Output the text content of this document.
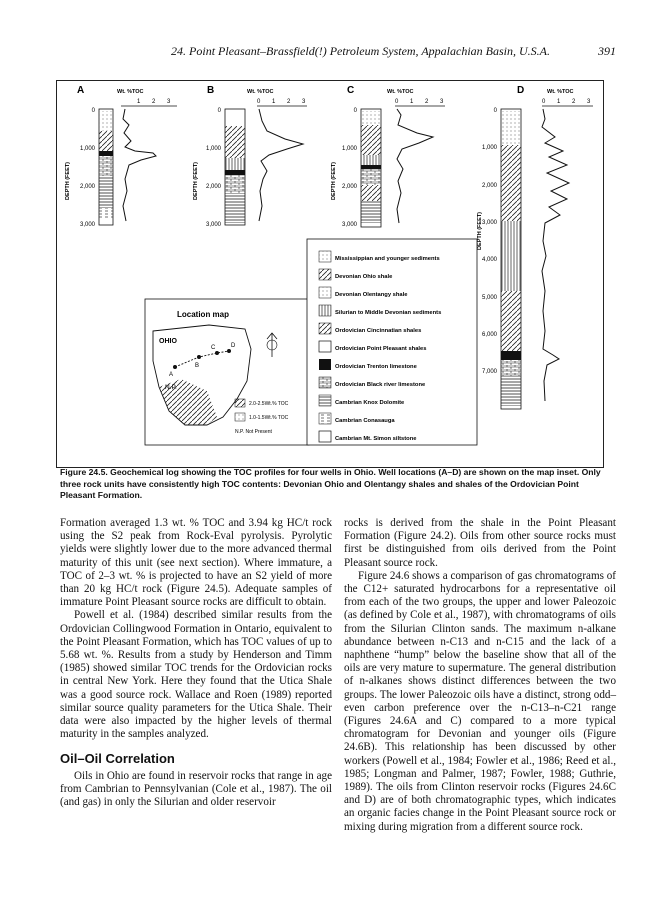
24. Point Pleasant–Brassfield(!) Petroleum System, Appalachian Basin, U.S.A.	391
A	Wt. %TOC
1 2 3
DEPTH (FEET)
0
1,000
2,000
3,000
B	Wt. %TOC
0 1 2 3
DEPTH (FEET)
0
1,000
2,000
3,000
C	Wt. %TOC
0 1 2 3
DEPTH (FEET)
0
1,000
2,000
3,000
D	Wt. %TOC
0 1 2 3
DEPTH (FEET)
0
1,000
2,000
3,000
4,000
5,000
6,000
7,000
Location map
OHIO
N.P.
A
B
C	D
2.0-2.5Wt.% TOC
1.0-1.5Wt.% TOC
N.P. Not Present
Mississippian and younger sediments
Devonian Ohio shale
Devonian Olentangy shale
Silurian to Middle Devonian sediments
Ordovician Cincinnatian shales
Ordovician Point Pleasant shales
Ordovician Trenton limestone
Ordovician Black river limestone
Cambrian Knox Dolomite
Cambrian Conasauga
Cambrian Mt. Simon siltstone
Figure 24.5. Geochemical log showing the TOC profiles for four wells in Ohio. Well locations (A–D) are shown on the map inset. Only three rock units have consistently high TOC contents: Devonian Ohio and Olentangy shales and shales of the Ordovician Point Pleasant Formation.

Formation averaged 1.3 wt. % TOC and 3.94 kg HC/t rock using the S2 peak from Rock-Eval pyrolysis. Pyrolytic yields were slightly lower due to the more advanced thermal maturity of this unit (see next section). Where immature, a TOC of 2–3 wt. % is projected to have an S2 yield of more than 20 kg HC/t rock (Figure 24.5). Adequate samples of immature Point Pleasant source rocks are difficult to obtain.

Powell et al. (1984) described similar results from the Ordovician Collingwood Formation in Ontario, equivalent to the Point Pleasant Formation, which has TOC values of up to 5.68 wt. %. Results from a study by Henderson and Timm (1985) showed similar TOC trends for the Ordovician rocks in central New York. Here they found that the Utica Shale was a good source rock. Wallace and Roen (1989) reported similar source quality parameters for the Utica Shale. Their data were also impacted by the higher levels of thermal maturity in the samples analyzed.

Oil–Oil Correlation

Oils in Ohio are found in reservoir rocks that range in age from Cambrian to Pennsylvanian (Cole et al., 1987). The oil (and gas) in only the Silurian and older reservoir

rocks is derived from the shale in the Point Pleasant Formation (Figure 24.2). Oils from other source rocks must first be distinguished from oils derived from the Point Pleasant source rock.

Figure 24.6 shows a comparison of gas chromatograms of the C12+ saturated hydrocarbons for a representative oil from each of the two groups, the upper and lower Paleozoic (as defined by Cole et al., 1987), with chromatograms of oils from the Silurian Clinton sands. The maximum n-alkane abundance between n-C13 and n-C15 and the lack of a naphthene “hump” below the baseline show that all of the oils are very mature to supermature. The general distribution of n-alkanes shows distinct differences between the two groups. The lower Paleozoic oils have a distinct, strong odd–even carbon preference over the n-C13–n-C21 range (Figures 24.6A and C) compared to a more typical chromatogram for Devonian and younger oils (Figure 24.6B). This relationship has been discussed by other workers (Powell et al., 1984; Fowler et al., 1986; Reed et al., 1985; Longman and Palmer, 1987; Fowler, 1988; Guthrie, 1989). The oils from Clinton reservoir rocks (Figures 24.6C and D) are of both chromatographic types, which indicates an organic facies change in the Point Pleasant source rock or mixing during migration from a different source rock.
